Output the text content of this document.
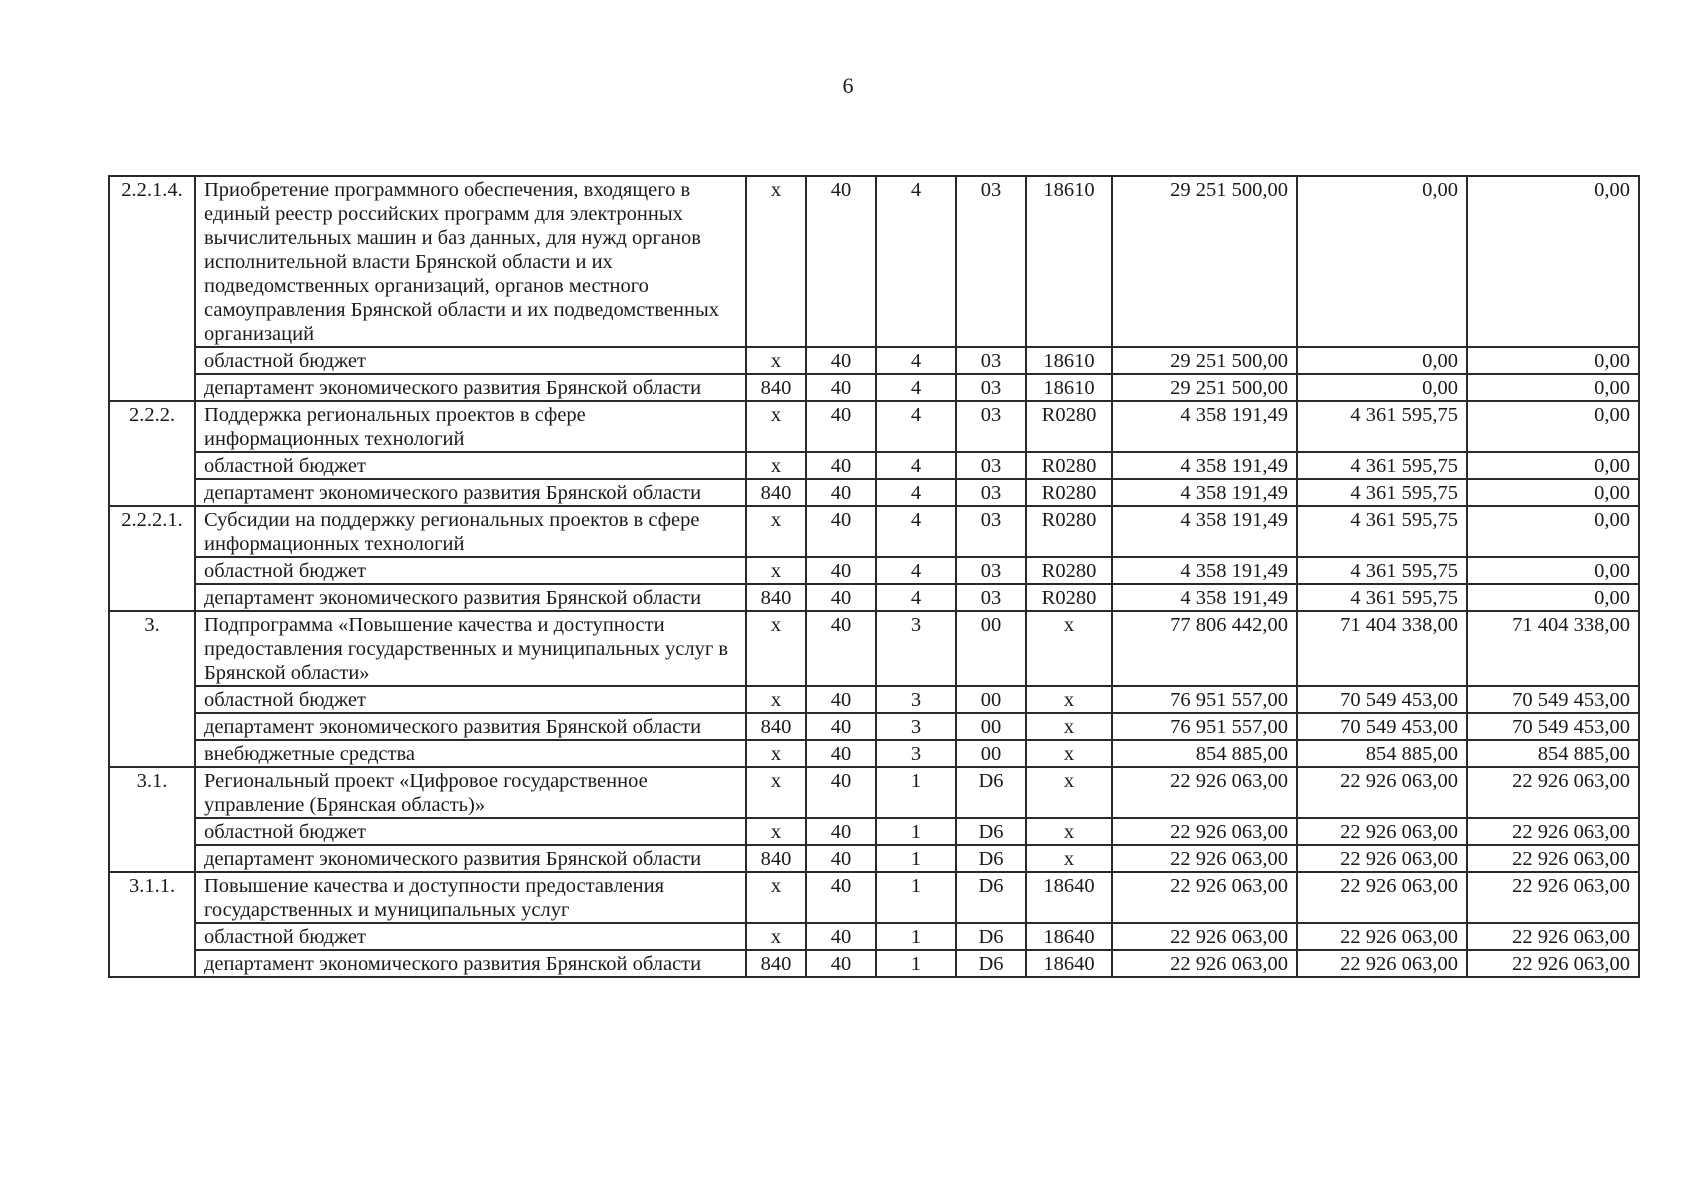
6
2.2.1.4.	Приобретение программного обеспечения, входящего в единый реестр российских программ для электронных вычислительных машин и баз данных, для нужд органов исполнительной власти Брянской области и их подведомственных организаций, органов местного самоуправления Брянской области и их подведомственных организаций	х	40	4	03	18610	29 251 500,00	0,00	0,00
	областной бюджет	х	40	4	03	18610	29 251 500,00	0,00	0,00
	департамент экономического развития Брянской области	840	40	4	03	18610	29 251 500,00	0,00	0,00
2.2.2.	Поддержка региональных проектов в сфере информационных технологий	х	40	4	03	R0280	4 358 191,49	4 361 595,75	0,00
	областной бюджет	х	40	4	03	R0280	4 358 191,49	4 361 595,75	0,00
	департамент экономического развития Брянской области	840	40	4	03	R0280	4 358 191,49	4 361 595,75	0,00
2.2.2.1.	Субсидии на поддержку региональных проектов в сфере информационных технологий	х	40	4	03	R0280	4 358 191,49	4 361 595,75	0,00
	областной бюджет	х	40	4	03	R0280	4 358 191,49	4 361 595,75	0,00
	департамент экономического развития Брянской области	840	40	4	03	R0280	4 358 191,49	4 361 595,75	0,00
3.	Подпрограмма «Повышение качества и доступности предоставления государственных и муниципальных услуг в Брянской области»	х	40	3	00	х	77 806 442,00	71 404 338,00	71 404 338,00
	областной бюджет	х	40	3	00	х	76 951 557,00	70 549 453,00	70 549 453,00
	департамент экономического развития Брянской области	840	40	3	00	х	76 951 557,00	70 549 453,00	70 549 453,00
	внебюджетные средства	х	40	3	00	х	854 885,00	854 885,00	854 885,00
3.1.	Региональный проект «Цифровое государственное управление (Брянская область)»	х	40	1	D6	х	22 926 063,00	22 926 063,00	22 926 063,00
	областной бюджет	х	40	1	D6	х	22 926 063,00	22 926 063,00	22 926 063,00
	департамент экономического развития Брянской области	840	40	1	D6	х	22 926 063,00	22 926 063,00	22 926 063,00
3.1.1.	Повышение качества и доступности предоставления государственных и муниципальных услуг	х	40	1	D6	18640	22 926 063,00	22 926 063,00	22 926 063,00
	областной бюджет	х	40	1	D6	18640	22 926 063,00	22 926 063,00	22 926 063,00
	департамент экономического развития Брянской области	840	40	1	D6	18640	22 926 063,00	22 926 063,00	22 926 063,00
